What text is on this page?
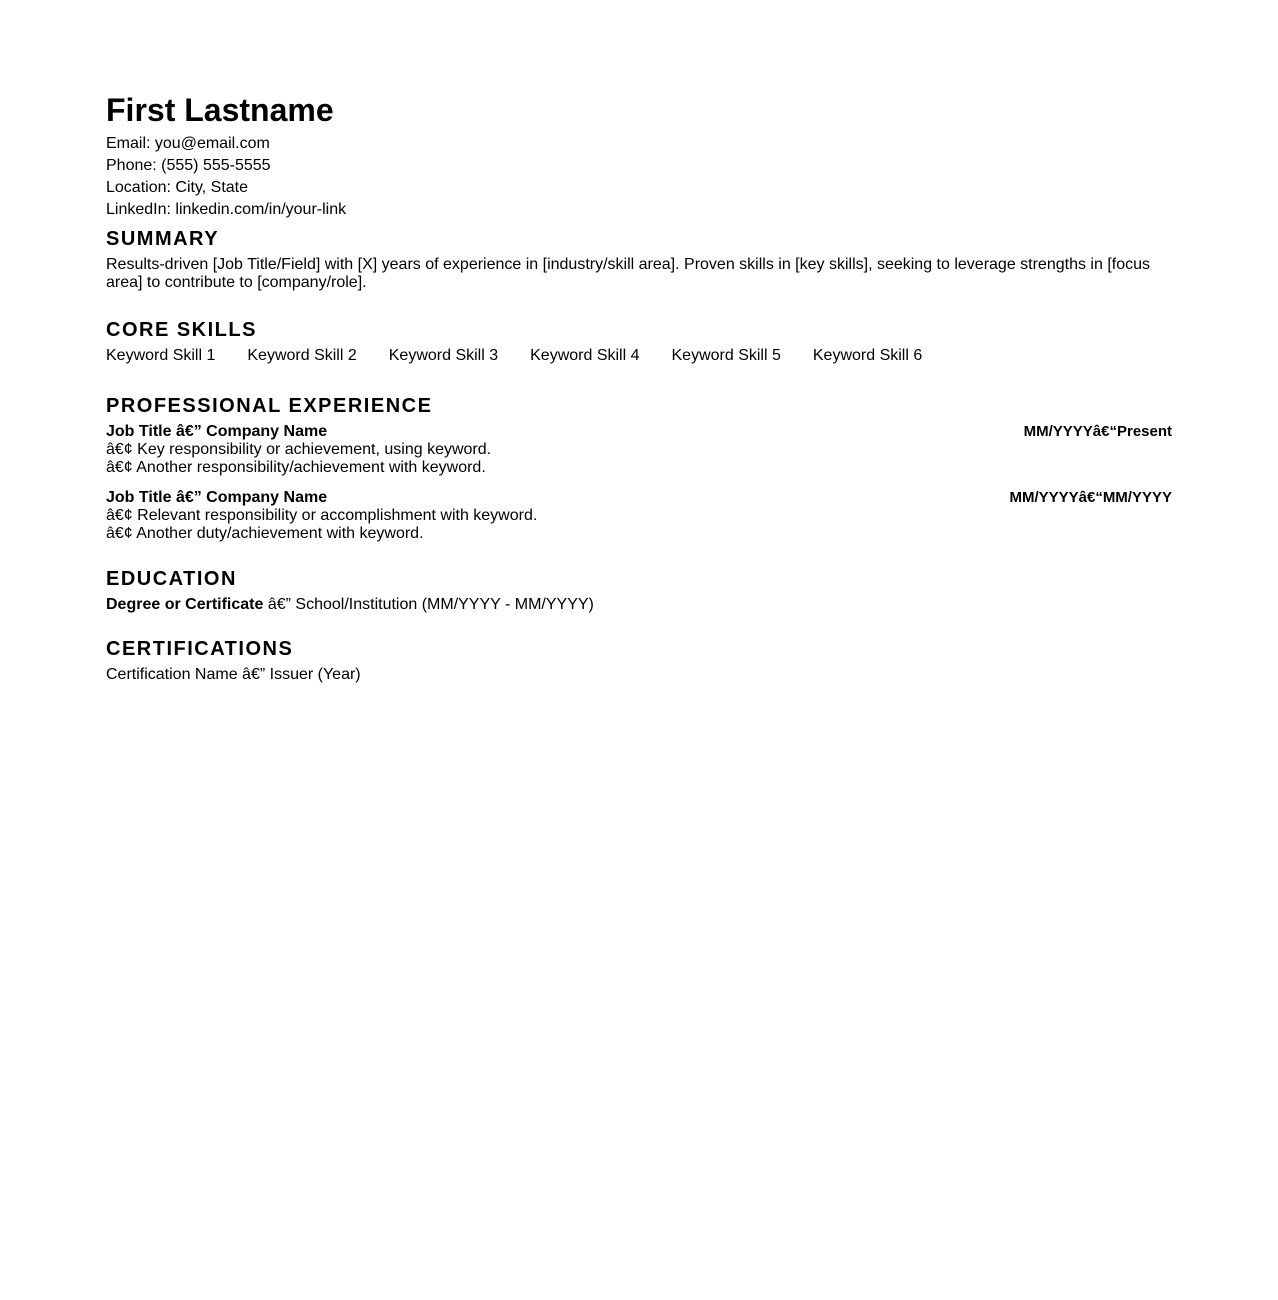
First Lastname
Email: you@email.com
Phone: (555) 555-5555
Location: City, State
LinkedIn: linkedin.com/in/your-link
SUMMARY
Results-driven [Job Title/Field] with [X] years of experience in [industry/skill area]. Proven skills in [key skills], seeking to leverage strengths in [focus area] to contribute to [company/role].
CORE SKILLS
Keyword Skill 1 Keyword Skill 2 Keyword Skill 3 Keyword Skill 4 Keyword Skill 5 Keyword Skill 6
PROFESSIONAL EXPERIENCE
Job Title â€” Company Name	MM/YYYYâ€“Present
â€¢ Key responsibility or achievement, using keyword.
â€¢ Another responsibility/achievement with keyword.
Job Title â€” Company Name	MM/YYYYâ€“MM/YYYY
â€¢ Relevant responsibility or accomplishment with keyword.
â€¢ Another duty/achievement with keyword.
EDUCATION
Degree or Certificate â€” School/Institution (MM/YYYY - MM/YYYY)
CERTIFICATIONS
Certification Name â€” Issuer (Year)
